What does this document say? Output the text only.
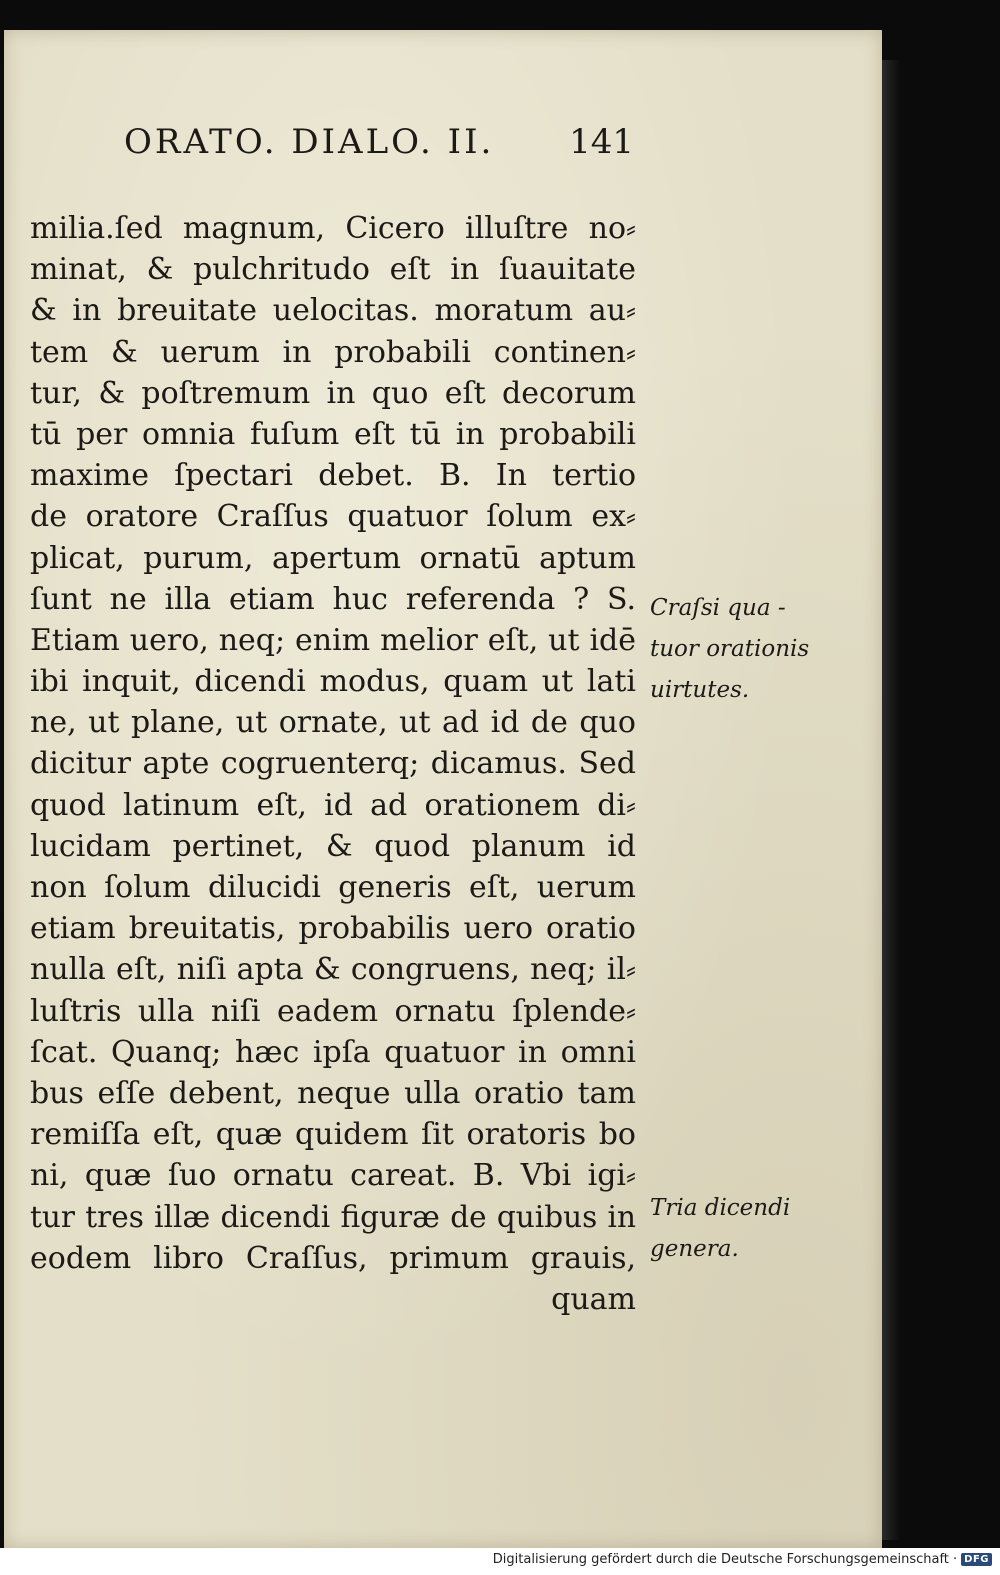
ORATO. DIALO. II. 141
milia.ſed magnum, Cicero illuſtre no⸗
minat, & pulchritudo eſt in ſuauitate
& in breuitate uelocitas. moratum au⸗
tem & uerum in probabili continen⸗
tur, & poſtremum in quo eſt decorum
tū per omnia fuſum eſt tū in probabili
maxime ſpectari debet. B. In tertio
de oratore Craſſus quatuor ſolum ex⸗
plicat, purum, apertum ornatū aptum
ſunt ne illa etiam huc referenda ? S.
Etiam uero, neq; enim melior eſt, ut idē
ibi inquit, dicendi modus, quam ut lati
ne, ut plane, ut ornate, ut ad id de quo
dicitur apte cogruenterq; dicamus. Sed
quod latinum eſt, id ad orationem di⸗
lucidam pertinet, & quod planum id
non ſolum dilucidi generis eſt, uerum
etiam breuitatis, probabilis uero oratio
nulla eſt, niſi apta & congruens, neq; il⸗
luſtris ulla niſi eadem ornatu ſplende⸗
ſcat. Quanq; hæc ipſa quatuor in omni
bus eſſe debent, neque ulla oratio tam
remiſſa eſt, quæ quidem ſit oratoris bo
ni, quæ ſuo ornatu careat. B. Vbi igi⸗
tur tres illæ dicendi figuræ de quibus in
eodem libro Craſſus, primum grauis,
quam
Craſsi qua -
tuor orationis
uirtutes.
Tria dicendi
genera.
Digitalisierung gefördert durch die Deutsche Forschungsgemeinschaft · DFG
